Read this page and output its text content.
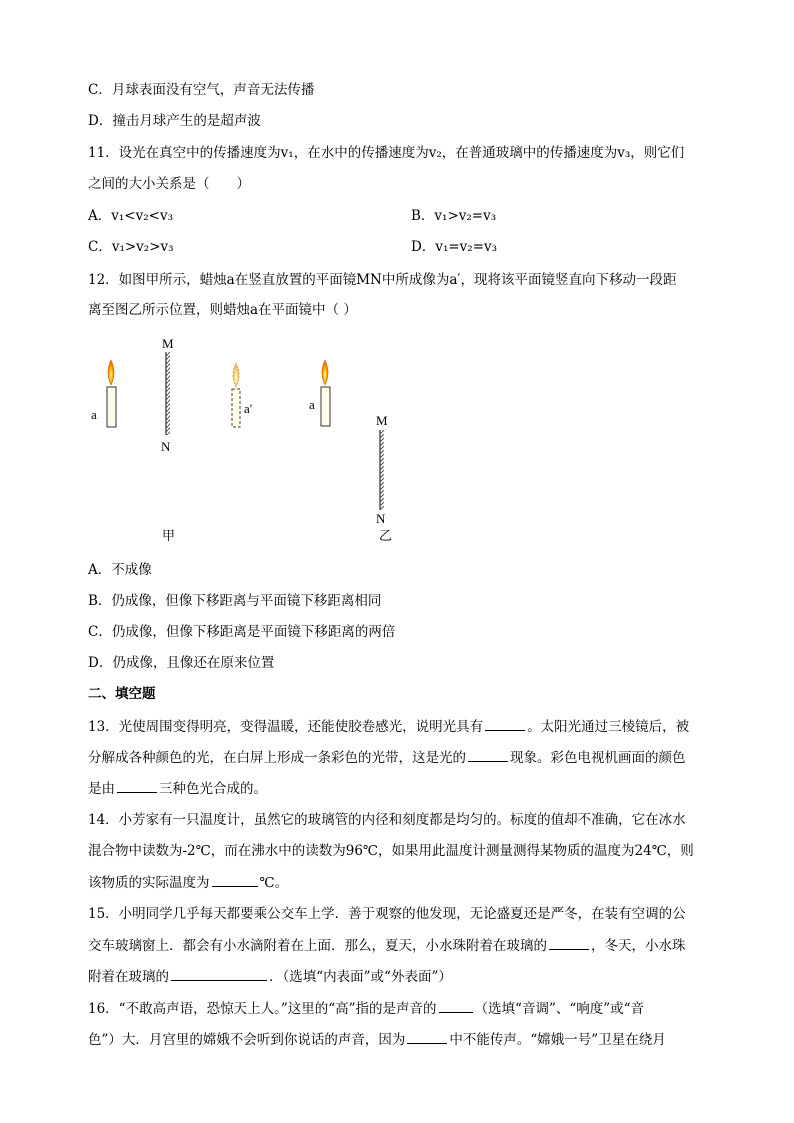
C．月球表面没有空气，声音无法传播
D．撞击月球产生的是超声波
11．设光在真空中的传播速度为v₁，在水中的传播速度为v₂，在普通玻璃中的传播速度为v₃，则它们
之间的大小关系是（　　）
A．v₁<v₂<v₃	B．v₁>v₂=v₃
C．v₁>v₂>v₃	D．v₁=v₂=v₃
12．如图甲所示，蜡烛a在竖直放置的平面镜MN中所成像为a′，现将该平面镜竖直向下移动一段距
离至图乙所示位置，则蜡烛a在平面镜中（ ）
M
N
a	a'	a
M
N
甲	乙
A．不成像
B．仍成像，但像下移距离与平面镜下移距离相同
C．仍成像，但像下移距离是平面镜下移距离的两倍
D．仍成像，且像还在原来位置
二、填空题
13．光使周围变得明亮，变得温暖，还能使胶卷感光，说明光具有	。太阳光通过三棱镜后，被
分解成各种颜色的光，在白屏上形成一条彩色的光带，这是光的	现象。彩色电视机画面的颜色
是由	三种色光合成的。
14．小芳家有一只温度计，虽然它的玻璃管的内径和刻度都是均匀的。标度的值却不准确，它在冰水
混合物中读数为-2℃，而在沸水中的读数为96℃，如果用此温度计测量测得某物质的温度为24℃，则
该物质的实际温度为	℃。
15．小明同学几乎每天都要乘公交车上学．善于观察的他发现，无论盛夏还是严冬，在装有空调的公
交车玻璃窗上．都会有小水滴附着在上面．那么，夏天，小水珠附着在玻璃的	，冬天，小水珠
附着在玻璃的	．（选填“内表面”或“外表面”）
16．“不敢高声语，恐惊天上人。”这里的“高”指的是声音的	（选填“音调”、“响度”或“音
色”）大．月宫里的嫦娥不会听到你说话的声音，因为	中不能传声。“嫦娥一号”卫星在绕月
